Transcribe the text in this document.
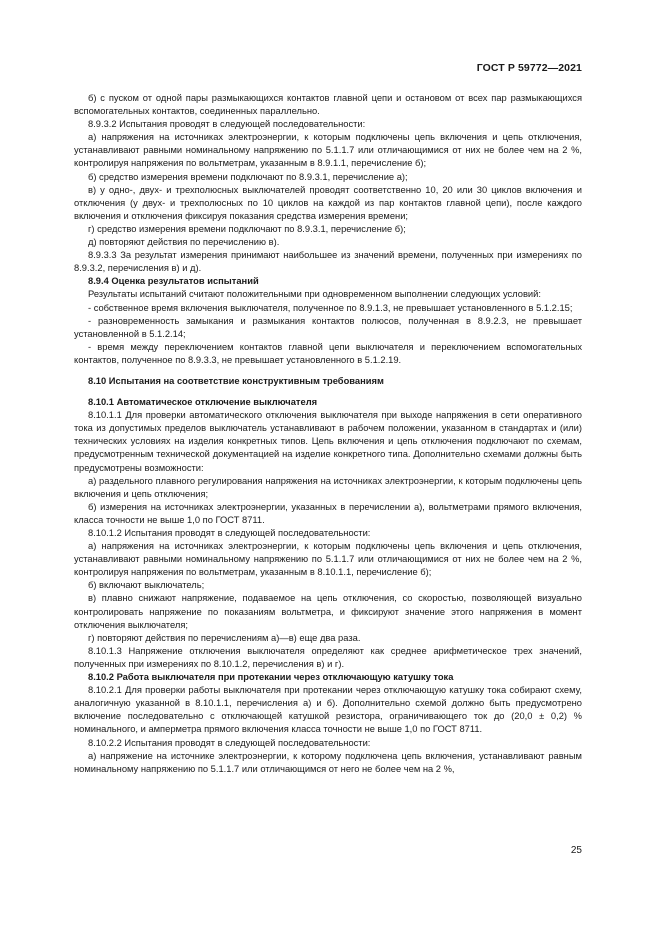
ГОСТ Р 59772—2021

б) с пуском от одной пары размыкающихся контактов главной цепи и остановом от всех пар размыкающихся вспомогательных контактов, соединенных параллельно.

8.9.3.2 Испытания проводят в следующей последовательности:

а) напряжения на источниках электроэнергии, к которым подключены цепь включения и цепь отключения, устанавливают равными номинальному напряжению по 5.1.1.7 или отличающимися от них не более чем на 2 %, контролируя напряжения по вольтметрам, указанным в 8.9.1.1, перечисление б);

б) средство измерения времени подключают по 8.9.3.1, перечисление а);

в) у одно-, двух- и трехполюсных выключателей проводят соответственно 10, 20 или 30 циклов включения и отключения (у двух- и трехполюсных по 10 циклов на каждой из пар контактов главной цепи), после каждого включения и отключения фиксируя показания средства измерения времени;

г) средство измерения времени подключают по 8.9.3.1, перечисление б);

д) повторяют действия по перечислению в).

8.9.3.3 За результат измерения принимают наибольшее из значений времени, полученных при измерениях по 8.9.3.2, перечисления в) и д).

8.9.4 Оценка результатов испытаний

Результаты испытаний считают положительными при одновременном выполнении следующих условий:

- собственное время включения выключателя, полученное по 8.9.1.3, не превышает установленного в 5.1.2.15;

- разновременность замыкания и размыкания контактов полюсов, полученная в 8.9.2.3, не превышает установленной в 5.1.2.14;

- время между переключением контактов главной цепи выключателя и переключением вспомогательных контактов, полученное по 8.9.3.3, не превышает установленного в 5.1.2.19.

8.10 Испытания на соответствие конструктивным требованиям

8.10.1 Автоматическое отключение выключателя

8.10.1.1 Для проверки автоматического отключения выключателя при выходе напряжения в сети оперативного тока из допустимых пределов выключатель устанавливают в рабочем положении, указанном в стандартах и (или) технических условиях на изделия конкретных типов. Цепь включения и цепь отключения подключают по схемам, предусмотренным технической документацией на изделие конкретного типа. Дополнительно схемами должны быть предусмотрены возможности:

а) раздельного плавного регулирования напряжения на источниках электроэнергии, к которым подключены цепь включения и цепь отключения;

б) измерения на источниках электроэнергии, указанных в перечислении а), вольтметрами прямого включения, класса точности не выше 1,0 по ГОСТ 8711.

8.10.1.2 Испытания проводят в следующей последовательности:

а) напряжения на источниках электроэнергии, к которым подключены цепь включения и цепь отключения, устанавливают равными номинальному напряжению по 5.1.1.7 или отличающимися от них не более чем на 2 %, контролируя напряжения по вольтметрам, указанным в 8.10.1.1, перечисление б);

б) включают выключатель;

в) плавно снижают напряжение, подаваемое на цепь отключения, со скоростью, позволяющей визуально контролировать напряжение по показаниям вольтметра, и фиксируют значение этого напряжения в момент отключения выключателя;

г) повторяют действия по перечислениям а)—в) еще два раза.

8.10.1.3 Напряжение отключения выключателя определяют как среднее арифметическое трех значений, полученных при измерениях по 8.10.1.2, перечисления в) и г).

8.10.2 Работа выключателя при протекании через отключающую катушку тока

8.10.2.1 Для проверки работы выключателя при протекании через отключающую катушку тока собирают схему, аналогичную указанной в 8.10.1.1, перечисления а) и б). Дополнительно схемой должно быть предусмотрено включение последовательно с отключающей катушкой резистора, ограничивающего ток до (20,0 ± 0,2) % номинального, и амперметра прямого включения класса точности не выше 1,0 по ГОСТ 8711.

8.10.2.2 Испытания проводят в следующей последовательности:

а) напряжение на источнике электроэнергии, к которому подключена цепь включения, устанавливают равным номинальному напряжению по 5.1.1.7 или отличающимся от него не более чем на 2 %,

25
